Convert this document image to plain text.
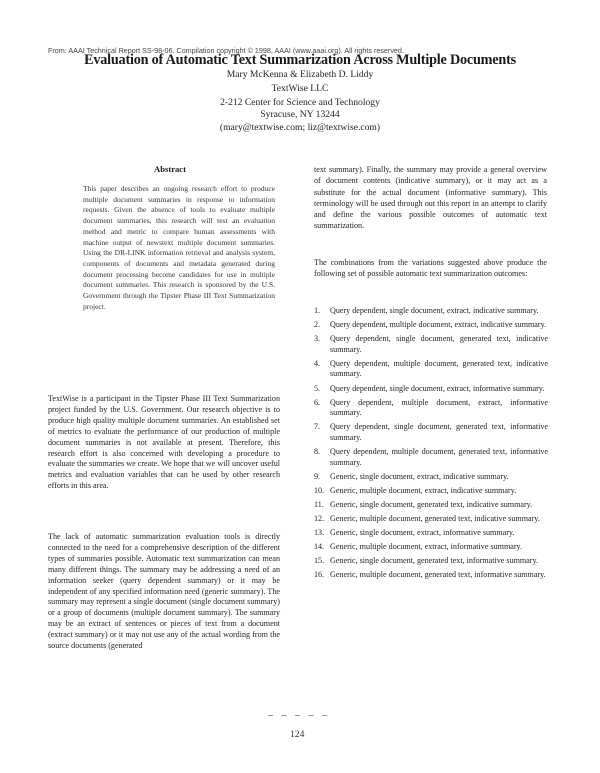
From: AAAI Technical Report SS-98-06. Compilation copyright © 1998, AAAI (www.aaai.org). All rights reserved.
Evaluation of Automatic Text Summarization Across Multiple Documents
Mary McKenna & Elizabeth D. Liddy
TextWise LLC
2-212 Center for Science and Technology
Syracuse, NY 13244
(mary@textwise.com; liz@textwise.com)
Abstract
This paper describes an ongoing research effort to produce multiple document summaries in response to information requests. Given the absence of tools to evaluate multiple document summaries, this research will test an evaluation method and metric to compare human assessments with machine output of newstext multiple document summaries. Using the DR-LINK information retrieval and analysis system, components of documents and metadata generated during document processing become candidates for use in multiple document summaries. This research is sponsored by the U.S. Government through the Tipster Phase III Text Summarization project.
TextWise is a participant in the Tipster Phase III Text Summarization project funded by the U.S. Government. Our research objective is to produce high quality multiple document summaries. An established set of metrics to evaluate the performance of our production of multiple document summaries is not available at present. Therefore, this research effort is also concerned with developing a procedure to evaluate the summaries we create. We hope that we will uncover useful metrics and evaluation variables that can be used by other research efforts in this area.
The lack of automatic summarization evaluation tools is directly connected to the need for a comprehensive description of the different types of summaries possible. Automatic text summarization can mean many different things. The summary may be addressing a need of an information seeker (query dependent summary) or it may be independent of any specified information need (generic summary). The summary may represent a single document (single document summary) or a group of documents (multiple document summary). The summary may be an extract of sentences or pieces of text from a document (extract summary) or it may not use any of the actual wording from the source documents (generated
text summary). Finally, the summary may provide a general overview of document contents (indicative summary), or it may act as a substitute for the actual document (informative summary). This terminology will be used through out this report in an attempt to clarify and define the various possible outcomes of automatic text summarization.
The combinations from the variations suggested above produce the following set of possible automatic text summarization outcomes:
1. Query dependent, single document, extract, indicative summary.
2. Query dependent, multiple document, extract, indicative summary.
3. Query dependent, single document, generated text, indicative summary.
4. Query dependent, multiple document, generated text, indicative summary.
5. Query dependent, single document, extract, informative summary.
6. Query dependent, multiple document, extract, informative summary.
7. Query dependent, single document, generated text, informative summary.
8. Query dependent, multiple document, generated text, informative summary.
9. Generic, single document, extract, indicative summary.
10. Generic, multiple document, extract, indicative summary.
11. Generic, single document, generated text, indicative summary.
12. Generic, multiple document, generated text, indicative summary.
13. Generic, single document, extract, informative summary.
14. Generic, multiple document, extract, informative summary.
15. Generic, single document, generated text, informative summary.
16. Generic, multiple document, generated text, informative summary.
– – – – –
124
